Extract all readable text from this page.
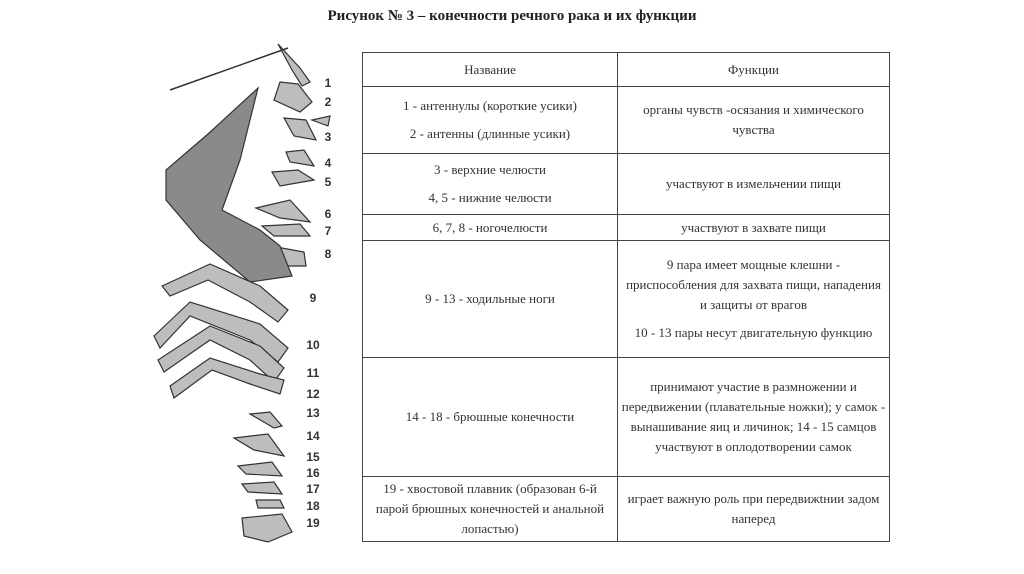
Рисунок № 3 – конечности речного рака и их функции
1
2
3
4
5
6
7
8
9
10
11
12
13
14
15
16
17
18
19
Название	Функции

1 - антеннулы (короткие усики)

2 - антенны (длинные усики)	органы чувств -осязания и химического чувства

3 - верхние челюсти

4, 5 - нижние челюсти	участвуют в измельчении пищи

6, 7, 8 - ногочелюсти	участвуют в захвате пищи

9 - 13 - ходильные ноги	9 пара имеет мощные клешни - приспособления для захвата пищи, нападения и защиты от врагов

10 - 13 пары несут двигательную функцию

14 - 18 - брюшные конечности	принимают участие в размножении и передвижении (плавательные ножки); у самок - вынашивание яиц и личинок; 14 - 15 самцов участвуют в оплодотворении самок

19 - хвостовой плавник (образован 6-й парой брюшных конечностей и анальной лопастью)	играет важную роль при передвижtнии задом наперед
